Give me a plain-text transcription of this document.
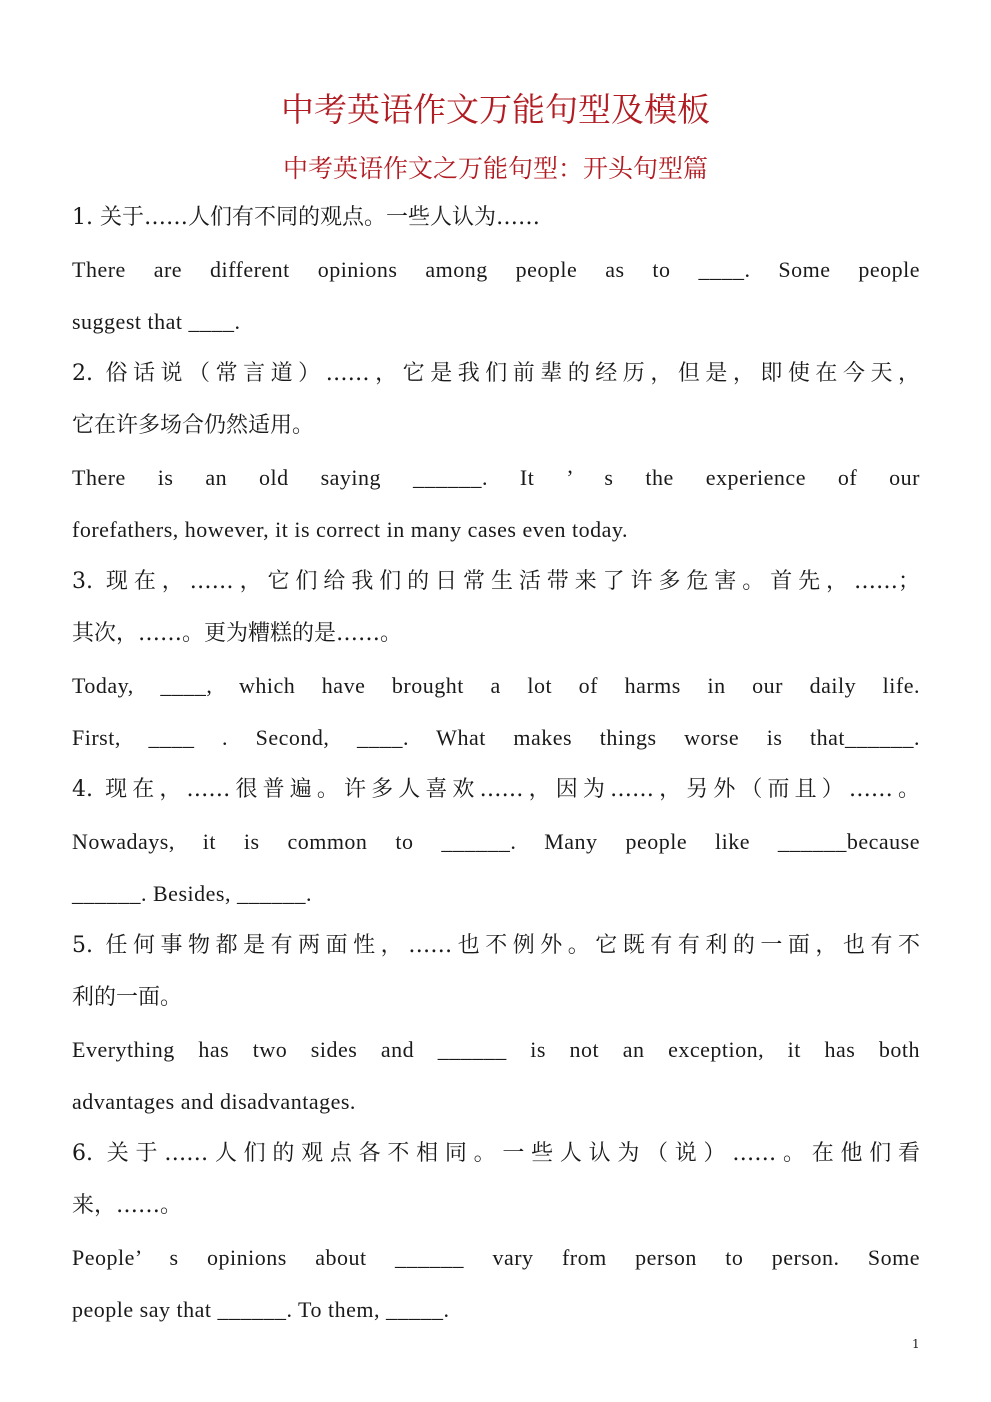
中考英语作文万能句型及模板
中考英语作文之万能句型：开头句型篇
1. 关于……人们有不同的观点。一些人认为……
There are different opinions among people as to ____. Some people
suggest that ____.
2. 俗话说（常言道）……，它是我们前辈的经历，但是，即使在今天，
它在许多场合仍然适用。
There is an old saying ______. It ’ s the experience of our
forefathers, however, it is correct in many cases even today.
3. 现在，……，它们给我们的日常生活带来了许多危害。首先，……；
其次，……。更为糟糕的是……。
Today, ____, which have brought a lot of harms in our daily life.
First, ____ . Second, ____. What makes things worse is that______.
4. 现在，……很普遍。许多人喜欢……，因为……，另外（而且）……。
Nowadays, it is common to ______. Many people like ______because
______. Besides, ______.
5. 任何事物都是有两面性，……也不例外。它既有有利的一面，也有不
利的一面。
Everything has two sides and ______ is not an exception, it has both
advantages and disadvantages.
6. 关于……人们的观点各不相同。一些人认为（说）……。在他们看
来，……。
People’ s opinions about ______ vary from person to person. Some
people say that ______. To them, _____.
1
